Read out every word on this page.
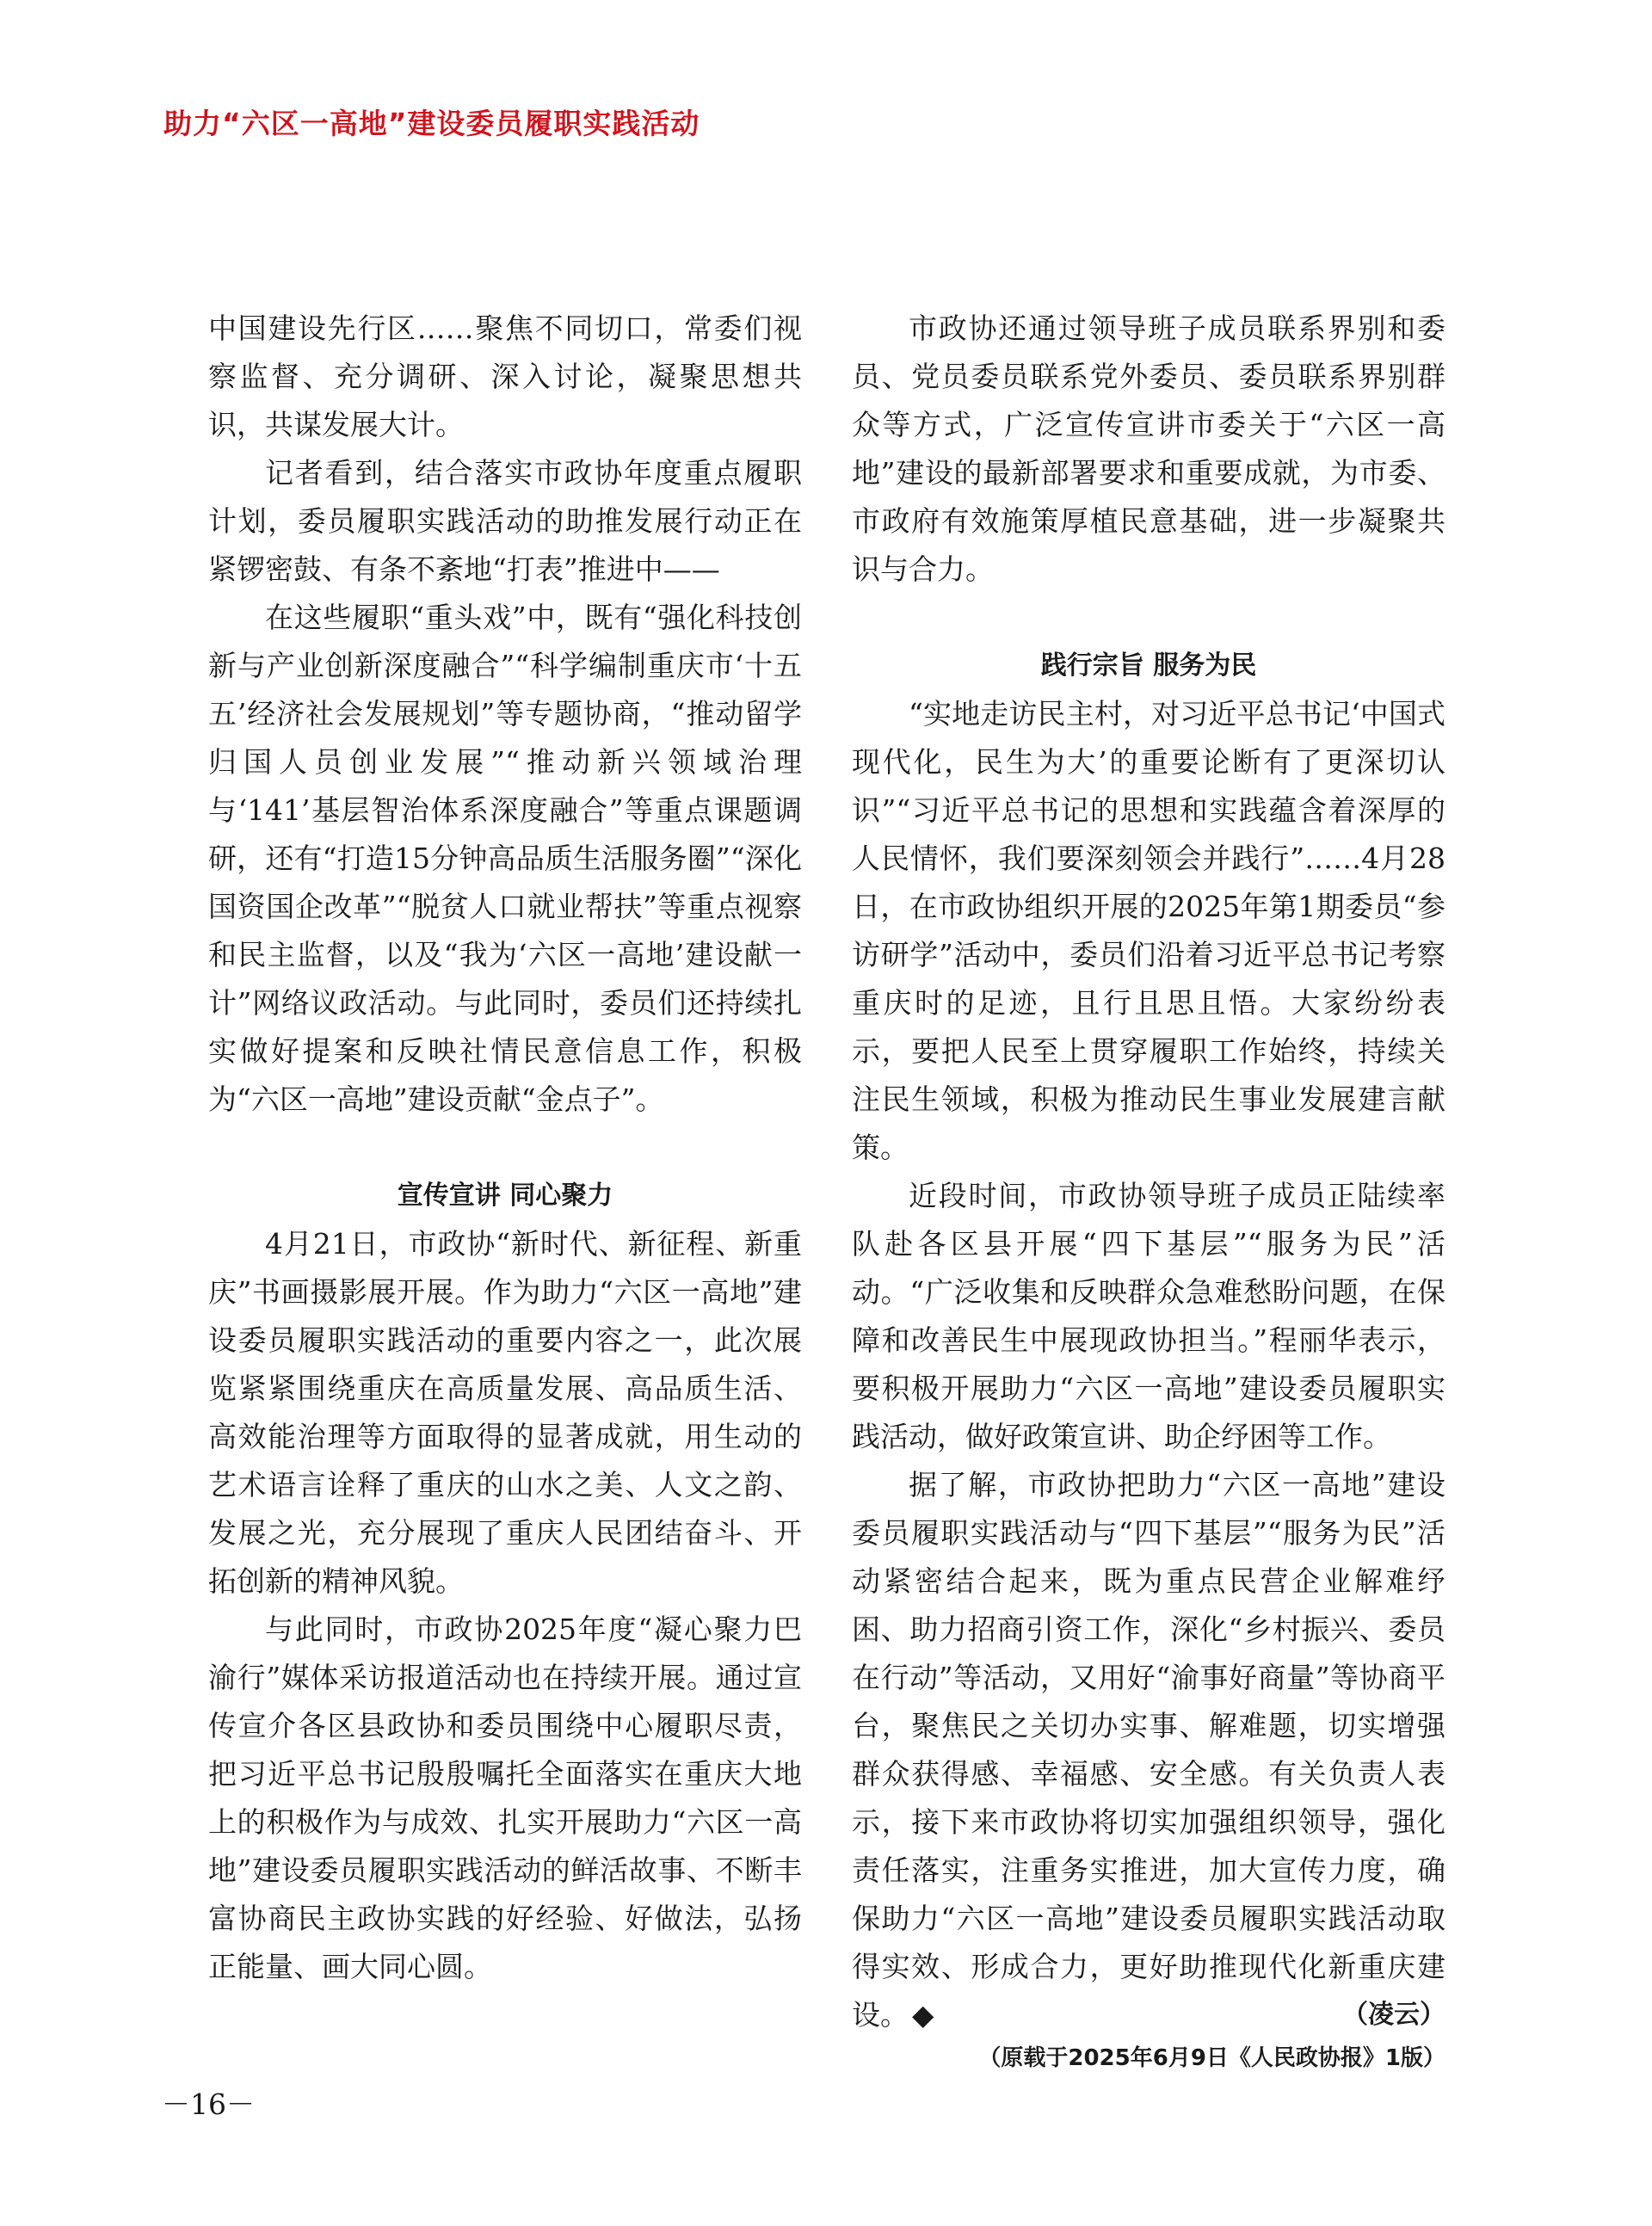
助力“六区一高地”建设委员履职实践活动

中国建设先行区……聚焦不同切口，常委们视察监督、充分调研、深入讨论，凝聚思想共识，共谋发展大计。

记者看到，结合落实市政协年度重点履职计划，委员履职实践活动的助推发展行动正在紧锣密鼓、有条不紊地“打表”推进中——

在这些履职“重头戏”中，既有“强化科技创新与产业创新深度融合”“科学编制重庆市‘十五五’经济社会发展规划”等专题协商，“推动留学归国人员创业发展”“推动新兴领域治理与‘141’基层智治体系深度融合”等重点课题调研，还有“打造15分钟高品质生活服务圈”“深化国资国企改革”“脱贫人口就业帮扶”等重点视察和民主监督，以及“我为‘六区一高地’建设献一计”网络议政活动。与此同时，委员们还持续扎实做好提案和反映社情民意信息工作，积极为“六区一高地”建设贡献“金点子”。

宣传宣讲 同心聚力

4月21日，市政协“新时代、新征程、新重庆”书画摄影展开展。作为助力“六区一高地”建设委员履职实践活动的重要内容之一，此次展览紧紧围绕重庆在高质量发展、高品质生活、高效能治理等方面取得的显著成就，用生动的艺术语言诠释了重庆的山水之美、人文之韵、发展之光，充分展现了重庆人民团结奋斗、开拓创新的精神风貌。

与此同时，市政协2025年度“凝心聚力巴渝行”媒体采访报道活动也在持续开展。通过宣传宣介各区县政协和委员围绕中心履职尽责，把习近平总书记殷殷嘱托全面落实在重庆大地上的积极作为与成效、扎实开展助力“六区一高地”建设委员履职实践活动的鲜活故事、不断丰富协商民主政协实践的好经验、好做法，弘扬正能量、画大同心圆。

市政协还通过领导班子成员联系界别和委员、党员委员联系党外委员、委员联系界别群众等方式，广泛宣传宣讲市委关于“六区一高地”建设的最新部署要求和重要成就，为市委、市政府有效施策厚植民意基础，进一步凝聚共识与合力。

践行宗旨 服务为民

“实地走访民主村，对习近平总书记‘中国式现代化，民生为大’的重要论断有了更深切认识”“习近平总书记的思想和实践蕴含着深厚的人民情怀，我们要深刻领会并践行”……4月28日，在市政协组织开展的2025年第1期委员“参访研学”活动中，委员们沿着习近平总书记考察重庆时的足迹，且行且思且悟。大家纷纷表示，要把人民至上贯穿履职工作始终，持续关注民生领域，积极为推动民生事业发展建言献策。

近段时间，市政协领导班子成员正陆续率队赴各区县开展“四下基层”“服务为民”活动。“广泛收集和反映群众急难愁盼问题，在保障和改善民生中展现政协担当。”程丽华表示，要积极开展助力“六区一高地”建设委员履职实践活动，做好政策宣讲、助企纾困等工作。

据了解，市政协把助力“六区一高地”建设委员履职实践活动与“四下基层”“服务为民”活动紧密结合起来，既为重点民营企业解难纾困、助力招商引资工作，深化“乡村振兴、委员在行动”等活动，又用好“渝事好商量”等协商平台，聚焦民之关切办实事、解难题，切实增强群众获得感、幸福感、安全感。有关负责人表示，接下来市政协将切实加强组织领导，强化责任落实，注重务实推进，加大宣传力度，确保助力“六区一高地”建设委员履职实践活动取得实效、形成合力，更好助推现代化新重庆建设。 ◆	（凌云）

（原载于2025年6月9日《人民政协报》1版）

－16－
